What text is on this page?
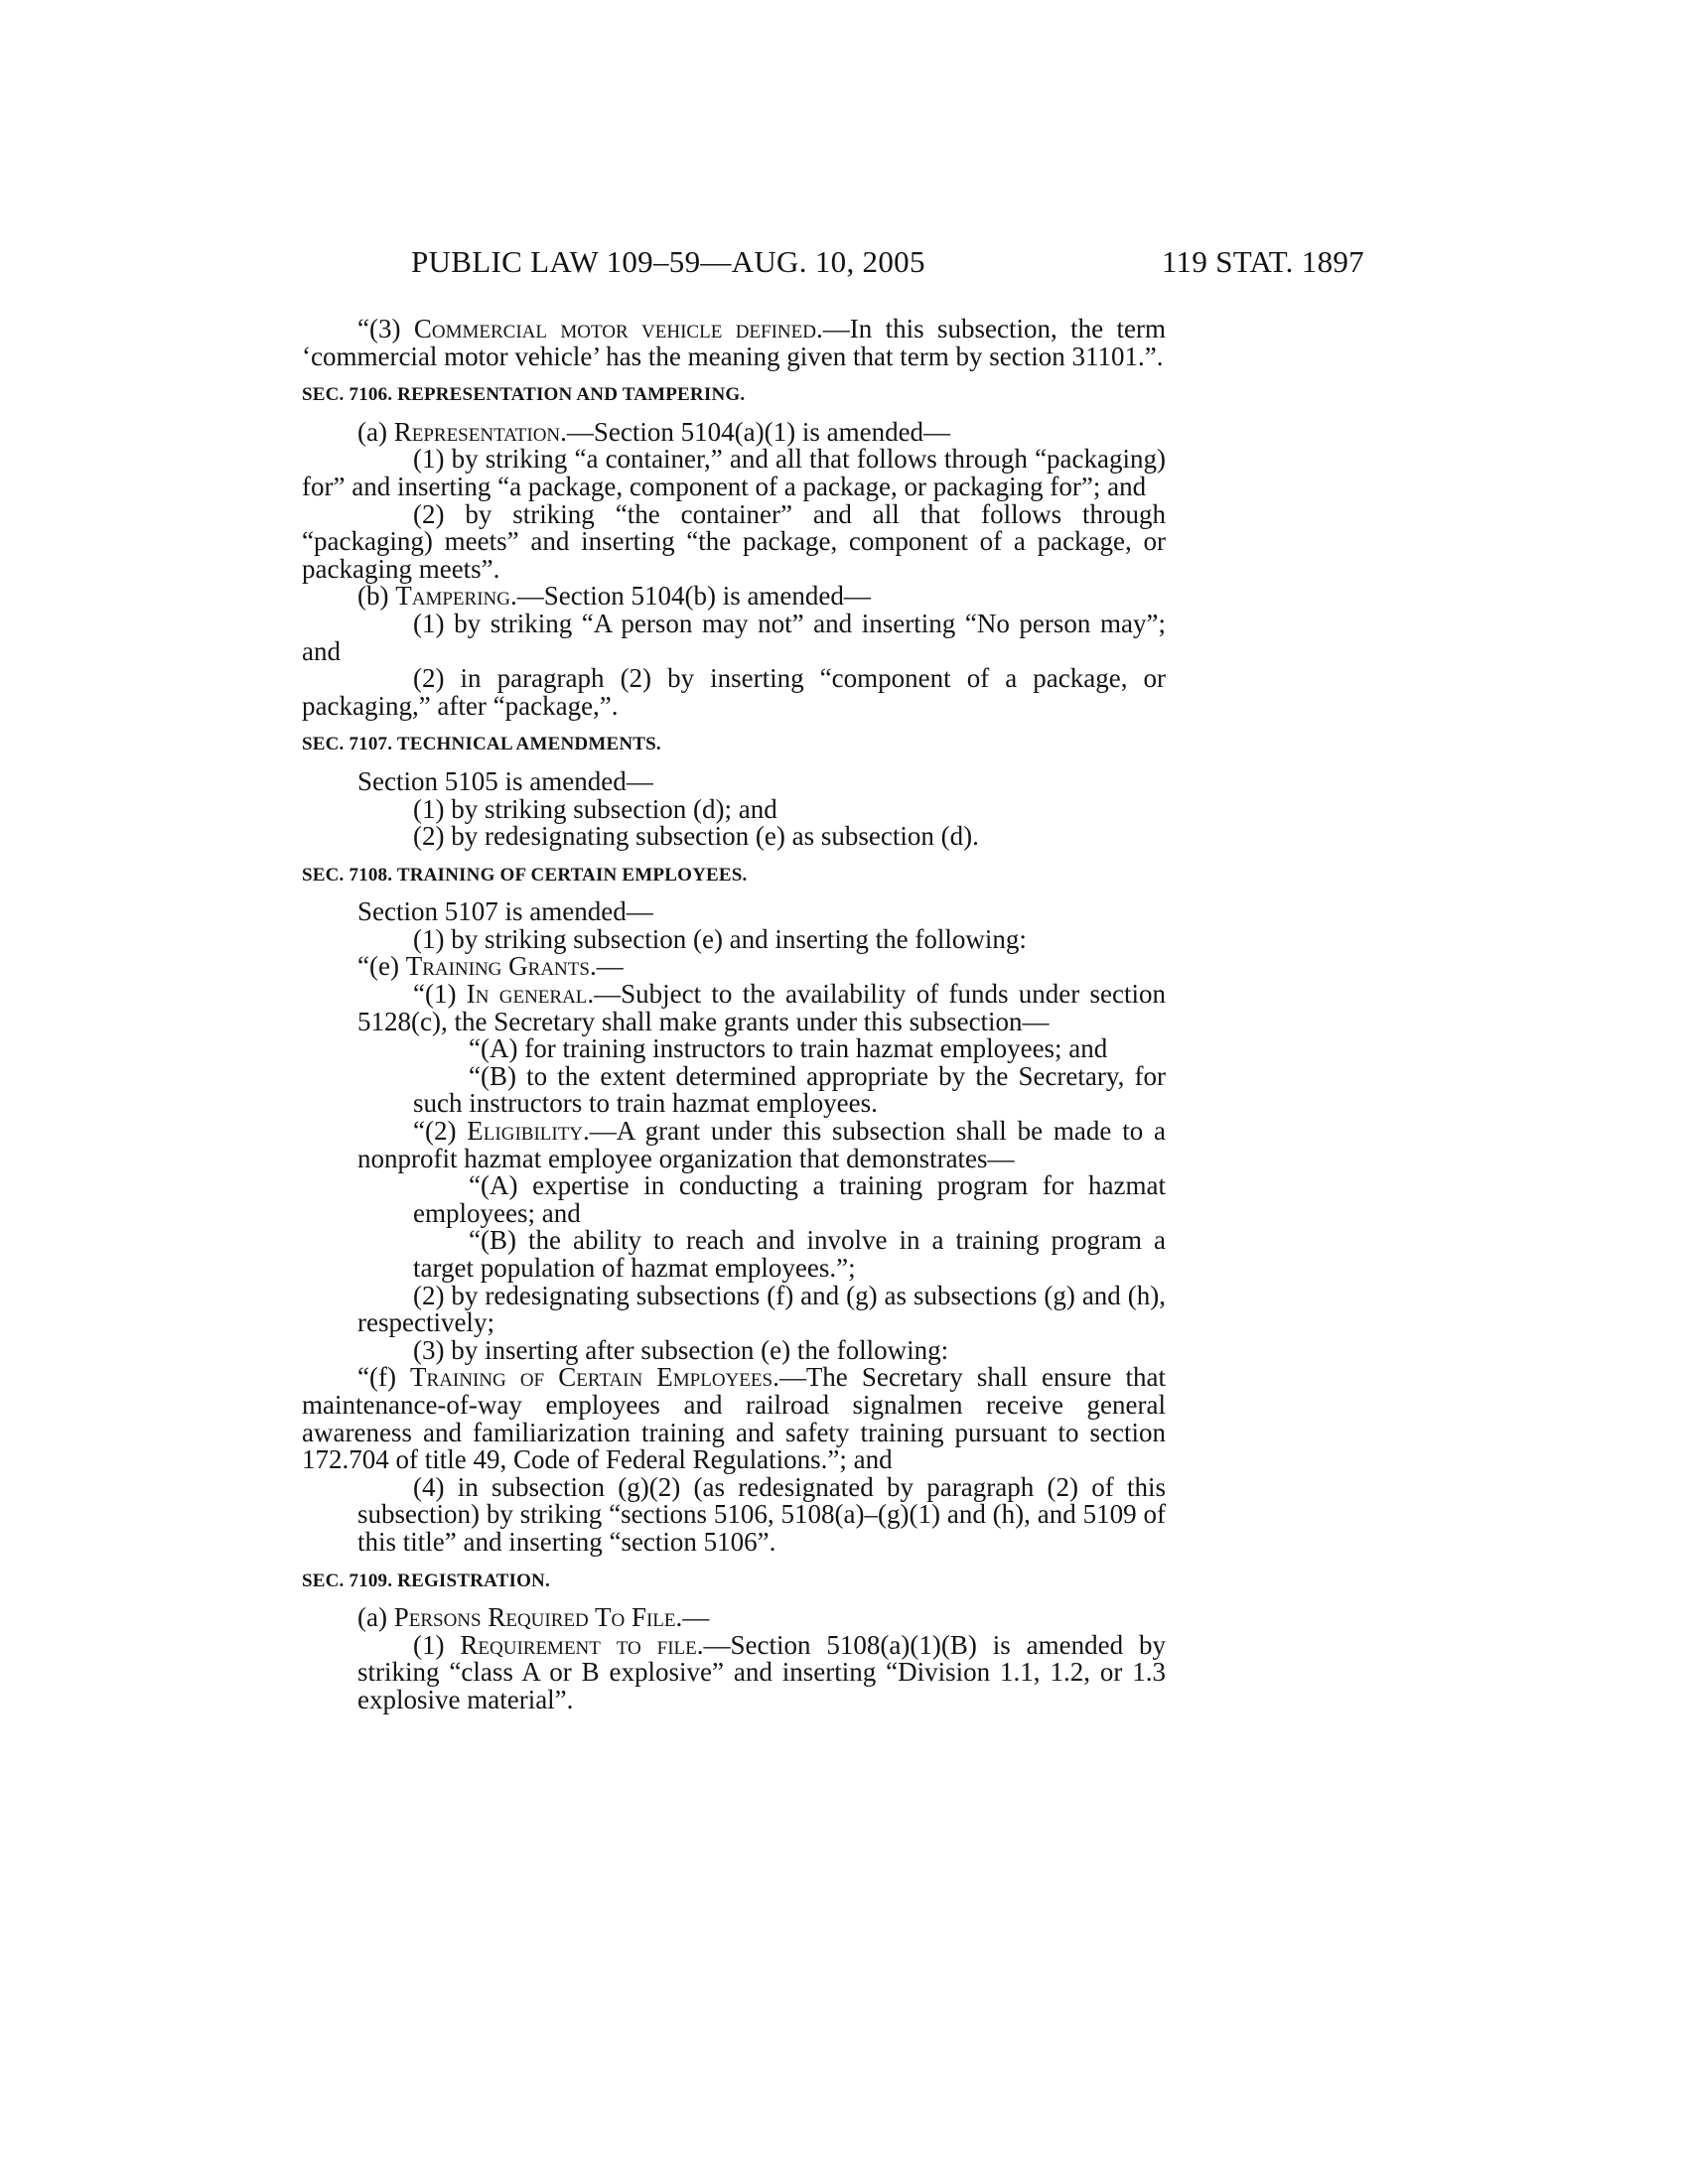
PUBLIC LAW 109–59—AUG. 10, 2005	119 STAT. 1897

“(3) Commercial motor vehicle defined.—In this subsection, the term ‘commercial motor vehicle’ has the meaning given that term by section 31101.”.

SEC. 7106. REPRESENTATION AND TAMPERING.

(a) Representation.—Section 5104(a)(1) is amended—

(1) by striking “a container,” and all that follows through “packaging) for” and inserting “a package, component of a package, or packaging for”; and

(2) by striking “the container” and all that follows through “packaging) meets” and inserting “the package, component of a package, or packaging meets”.

(b) Tampering.—Section 5104(b) is amended—

(1) by striking “A person may not” and inserting “No person may”; and

(2) in paragraph (2) by inserting “component of a package, or packaging,” after “package,”.

SEC. 7107. TECHNICAL AMENDMENTS.

Section 5105 is amended—

(1) by striking subsection (d); and

(2) by redesignating subsection (e) as subsection (d).

SEC. 7108. TRAINING OF CERTAIN EMPLOYEES.

Section 5107 is amended—

(1) by striking subsection (e) and inserting the following:

“(e) Training Grants.—

“(1) In general.—Subject to the availability of funds under section 5128(c), the Secretary shall make grants under this subsection—

“(A) for training instructors to train hazmat employees; and

“(B) to the extent determined appropriate by the Secretary, for such instructors to train hazmat employees.

“(2) Eligibility.—A grant under this subsection shall be made to a nonprofit hazmat employee organization that demonstrates—

“(A) expertise in conducting a training program for hazmat employees; and

“(B) the ability to reach and involve in a training program a target population of hazmat employees.”;

(2) by redesignating subsections (f) and (g) as subsections (g) and (h), respectively;

(3) by inserting after subsection (e) the following:

“(f) Training of Certain Employees.—The Secretary shall ensure that maintenance-of-way employees and railroad signalmen receive general awareness and familiarization training and safety training pursuant to section 172.704 of title 49, Code of Federal Regulations.”; and

(4) in subsection (g)(2) (as redesignated by paragraph (2) of this subsection) by striking “sections 5106, 5108(a)–(g)(1) and (h), and 5109 of this title” and inserting “section 5106”.

SEC. 7109. REGISTRATION.

(a) Persons Required To File.—

(1) Requirement to file.—Section 5108(a)(1)(B) is amended by striking “class A or B explosive” and inserting “Division 1.1, 1.2, or 1.3 explosive material”.
